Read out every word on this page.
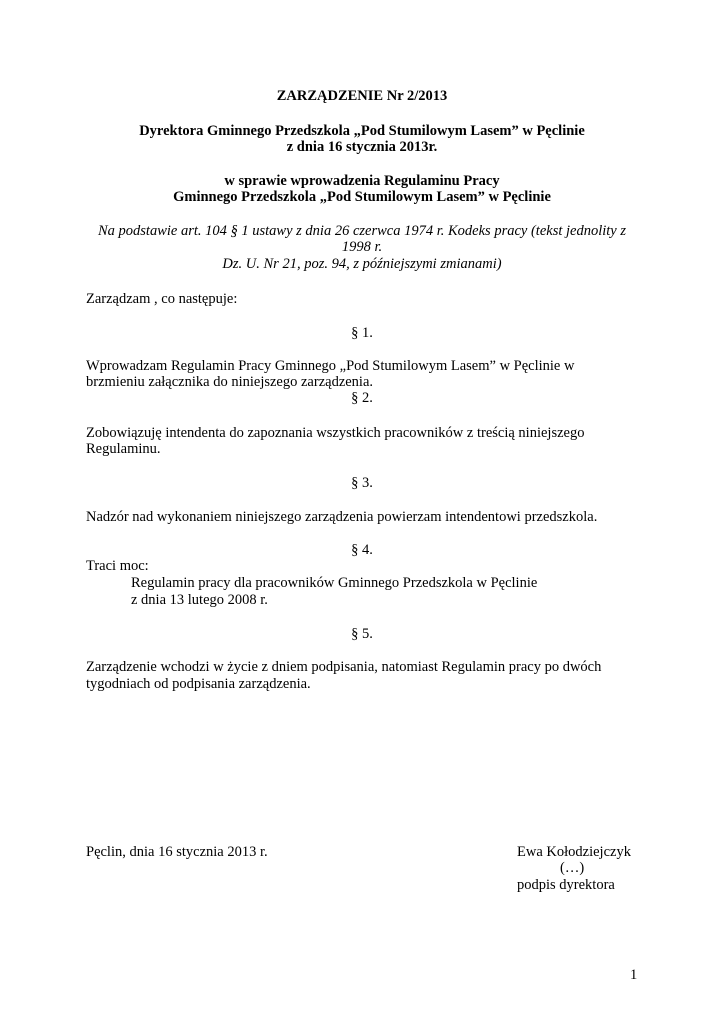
ZARZĄDZENIE Nr 2/2013
Dyrektora Gminnego Przedszkola „Pod Stumilowym Lasem” w Pęclinie
z dnia 16 stycznia 2013r.
w sprawie wprowadzenia Regulaminu Pracy
Gminnego Przedszkola „Pod Stumilowym Lasem” w Pęclinie
Na podstawie art. 104 § 1 ustawy z dnia 26 czerwca 1974 r. Kodeks pracy (tekst jednolity z
1998 r.
Dz. U. Nr 21, poz. 94, z późniejszymi zmianami)
Zarządzam , co następuje:
§ 1.
Wprowadzam Regulamin Pracy Gminnego „Pod Stumilowym Lasem” w Pęclinie w
brzmieniu załącznika do niniejszego zarządzenia.
§ 2.
Zobowiązuję intendenta do zapoznania wszystkich pracowników z treścią niniejszego
Regulaminu.
§ 3.
Nadzór nad wykonaniem niniejszego zarządzenia powierzam intendentowi przedszkola.
§ 4.
Traci moc:
Regulamin pracy dla pracowników Gminnego Przedszkola w Pęclinie
z dnia 13 lutego 2008 r.
§ 5.
Zarządzenie wchodzi w życie z dniem podpisania, natomiast Regulamin pracy po dwóch
tygodniach od podpisania zarządzenia.
Pęclin, dnia 16 stycznia 2013 r.	Ewa Kołodziejczyk
(…)
podpis dyrektora
1
